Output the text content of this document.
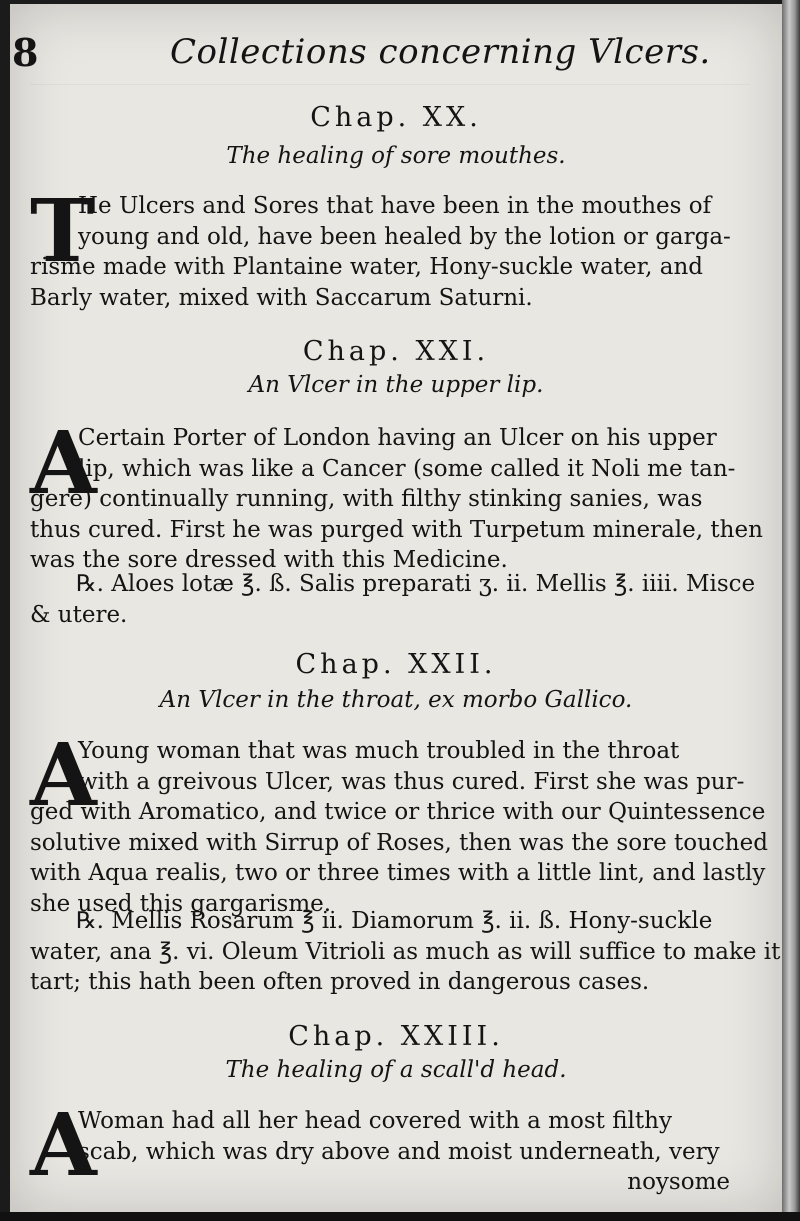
8	Collections concerning Vlcers.
Chap. XX.
The healing of sore mouthes.
T
He Ulcers and Sores that have been in the mouthes of
young and old, have been healed by the lotion or garga-
risme made with Plantaine water, Hony-suckle water, and
Barly water, mixed with Saccarum Saturni.
Chap. XXI.
An Vlcer in the upper lip.
A
Certain Porter of London having an Ulcer on his upper
lip, which was like a Cancer (some called it Noli me tan-
gere) continually running, with filthy stinking sanies, was
thus cured. First he was purged with Turpetum minerale, then
was the sore dressed with this Medicine.
℞. Aloes lotæ ℥. ß. Salis preparati ʒ. ii. Mellis ℥. iiii. Misce
& utere.
Chap. XXII.
An Vlcer in the throat, ex morbo Gallico.
A
Young woman that was much troubled in the throat
with a greivous Ulcer, was thus cured. First she was pur-
ged with Aromatico, and twice or thrice with our Quintessence
solutive mixed with Sirrup of Roses, then was the sore touched
with Aqua realis, two or three times with a little lint, and lastly
she used this gargarisme.
℞. Mellis Rosarum ℥ ii. Diamorum ℥. ii. ß. Hony-suckle
water, ana ℥. vi. Oleum Vitrioli as much as will suffice to make it
tart; this hath been often proved in dangerous cases.
Chap. XXIII.
The healing of a scall'd head.
A
Woman had all her head covered with a most filthy
scab, which was dry above and moist underneath, very
noysome
